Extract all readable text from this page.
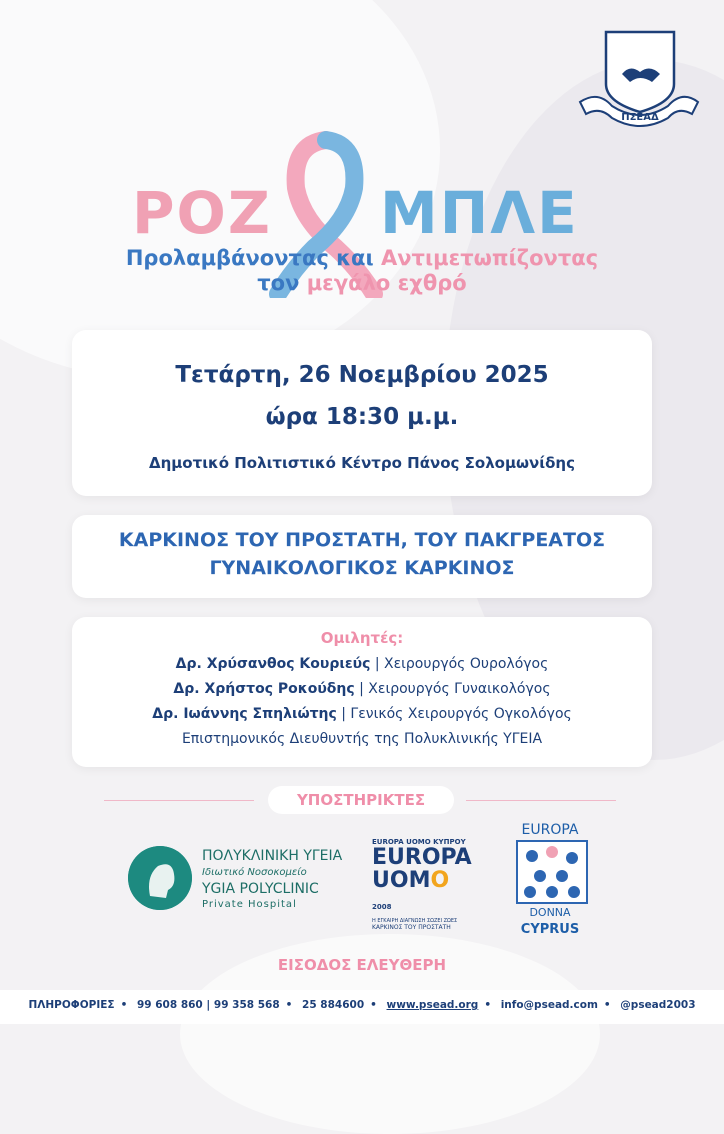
ΠΣΕΑΔ
ΡΟΖ ΜΠΛΕ
Προλαμβάνοντας και Αντιμετωπίζοντας
τον μεγάλο εχθρό
Τετάρτη, 26 Νοεμβρίου 2025
ώρα 18:30 μ.μ.
Δημοτικό Πολιτιστικό Κέντρο Πάνος Σολομωνίδης
ΚΑΡΚΙΝΟΣ ΤΟΥ ΠΡΟΣΤΑΤΗ, ΤΟΥ ΠΑΚΓΡΕΑΤΟΣ
ΓΥΝΑΙΚΟΛΟΓΙΚΟΣ ΚΑΡΚΙΝΟΣ
Ομιλητές:
Δρ. Χρύσανθος Κουριεύς | Χειρουργός Ουρολόγος
Δρ. Χρήστος Ροκούδης | Χειρουργός Γυναικολόγος
Δρ. Ιωάννης Σπηλιώτης | Γενικός Χειρουργός Ογκολόγος
Επιστημονικός Διευθυντής της Πολυκλινικής ΥΓΕΙΑ
ΥΠΟΣΤΗΡΙΚΤΕΣ
ΠΟΛΥΚΛΙΝΙΚΗ ΥΓΕΙΑ
Ιδιωτικό Νοσοκομείο
YGIA POLYCLINIC
Private Hospital
EUROPA UOMO ΚΥΠΡΟΥ
EUROPA
UOMO 2008
Η ΕΓΚΑΙΡΗ ΔΙΑΓΝΩΣΗ ΣΩΖΕΙ ΖΩΕΣ
ΚΑΡΚΙΝΟΣ ΤΟΥ ΠΡΟΣΤΑΤΗ
EUROPA
DONNA
CYPRUS
ΕΙΣΟΔΟΣ ΕΛΕΥΘΕΡΗ
ΠΛΗΡΟΦΟΡΙΕΣ • 99 608 860 | 99 358 568 • 25 884600 • www.psead.org • info@psead.com • @psead2003
